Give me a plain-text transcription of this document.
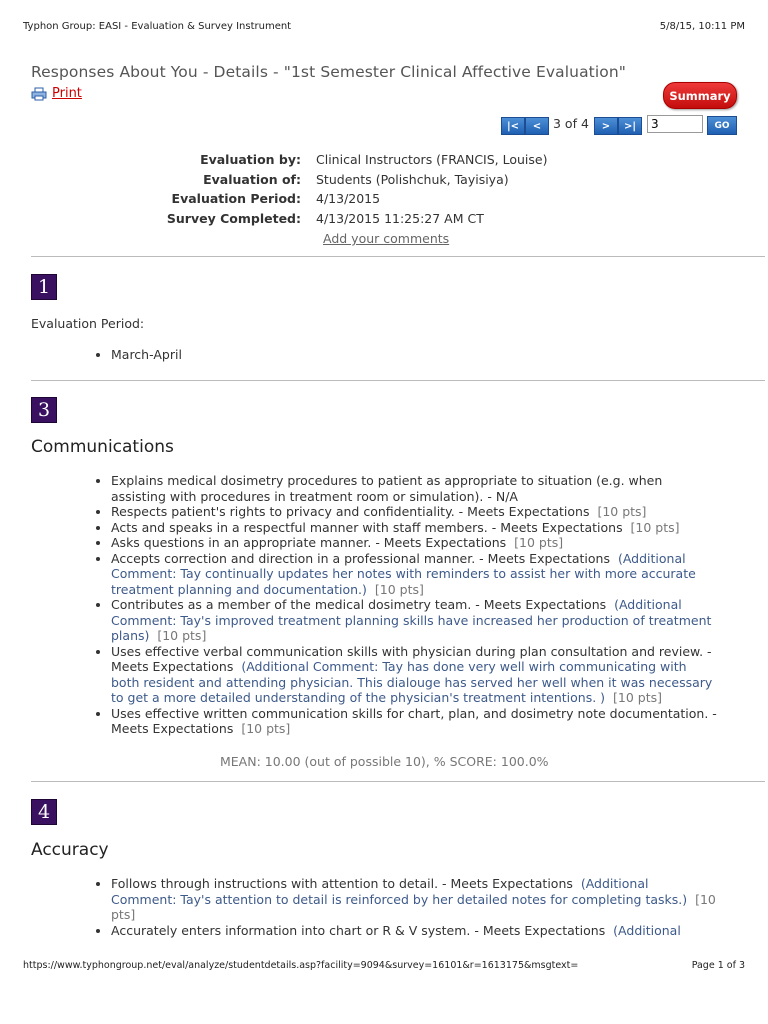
Typhon Group: EASI - Evaluation & Survey Instrument	5/8/15, 10:11 PM
Responses About You - Details - "1st Semester Clinical Affective Evaluation"
Print	Summary
|<	< 3 of 4	>	>|
3	GO
Evaluation by: Clinical Instructors (FRANCIS, Louise)
Evaluation of: Students (Polishchuk, Tayisiya)
Evaluation Period: 4/13/2015
Survey Completed: 4/13/2015 11:25:27 AM CT
Add your comments
1
Evaluation Period:
• March-April
3
Communications
• Explains medical dosimetry procedures to patient as appropriate to situation (e.g. when assisting with procedures in treatment room or simulation). - N/A
• Respects patient's rights to privacy and confidentiality. - Meets Expectations [10 pts]
• Acts and speaks in a respectful manner with staff members. - Meets Expectations [10 pts]
• Asks questions in an appropriate manner. - Meets Expectations [10 pts]
• Accepts correction and direction in a professional manner. - Meets Expectations (Additional Comment: Tay continually updates her notes with reminders to assist her with more accurate treatment planning and documentation.) [10 pts]
• Contributes as a member of the medical dosimetry team. - Meets Expectations (Additional Comment: Tay's improved treatment planning skills have increased her production of treatment plans) [10 pts]
• Uses effective verbal communication skills with physician during plan consultation and review. - Meets Expectations (Additional Comment: Tay has done very well wirh communicating with both resident and attending physician. This dialouge has served her well when it was necessary to get a more detailed understanding of the physician's treatment intentions. ) [10 pts]
• Uses effective written communication skills for chart, plan, and dosimetry note documentation. - Meets Expectations [10 pts]
MEAN: 10.00 (out of possible 10), % SCORE: 100.0%
4
Accuracy
• Follows through instructions with attention to detail. - Meets Expectations (Additional Comment: Tay's attention to detail is reinforced by her detailed notes for completing tasks.) [10 pts]
• Accurately enters information into chart or R & V system. - Meets Expectations (Additional
https://www.typhongroup.net/eval/analyze/studentdetails.asp?facility=9094&survey=16101&r=1613175&msgtext=	Page 1 of 3
